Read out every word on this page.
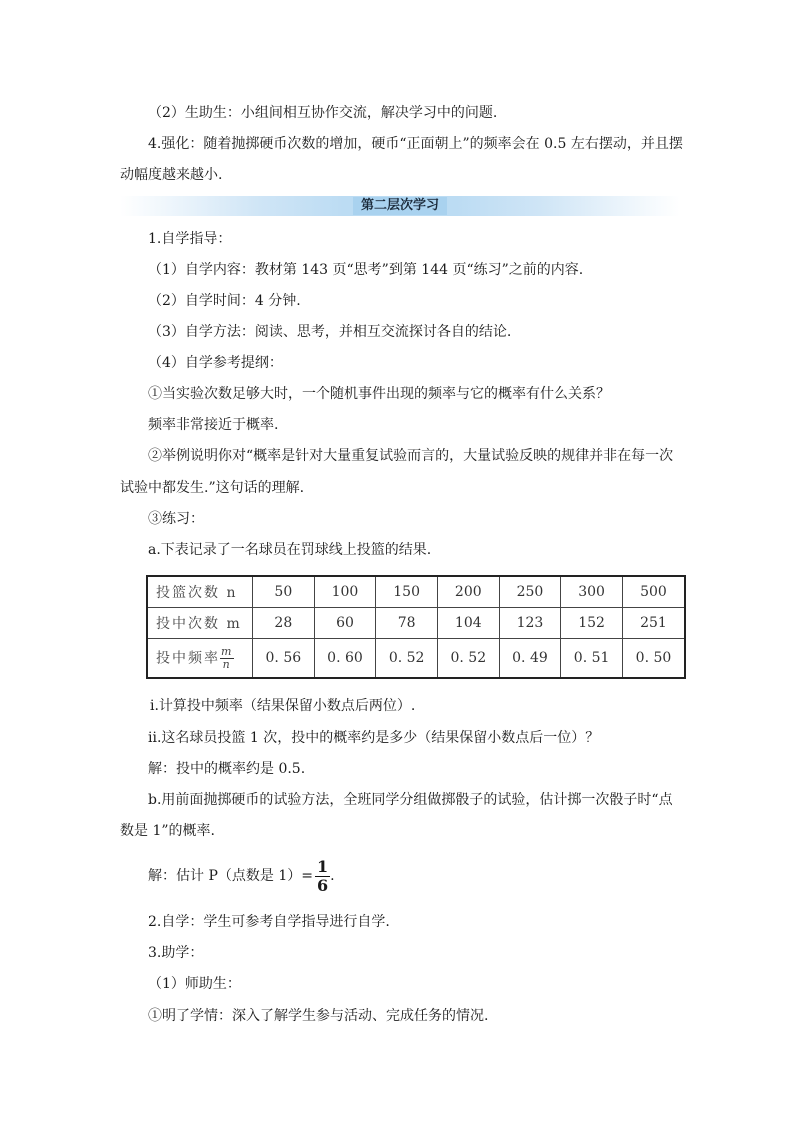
（2）生助生：小组间相互协作交流，解决学习中的问题.
4.强化：随着抛掷硬币次数的增加，硬币“正面朝上”的频率会在 0.5 左右摆动，并且摆
动幅度越来越小.
第二层次学习
1.自学指导：
（1）自学内容：教材第 143 页“思考”到第 144 页“练习”之前的内容.
（2）自学时间：4 分钟.
（3）自学方法：阅读、思考，并相互交流探讨各自的结论.
（4）自学参考提纲：
①当实验次数足够大时，一个随机事件出现的频率与它的概率有什么关系？
频率非常接近于概率.
②举例说明你对“概率是针对大量重复试验而言的，大量试验反映的规律并非在每一次
试验中都发生.”这句话的理解.
③练习：
a.下表记录了一名球员在罚球线上投篮的结果.
投篮次数 n	50	100	150	200	250	300	500
投中次数 m	28	60	78	104	123	152	251
投中频率 $\frac{m}{n}$	0. 56	0. 60	0. 52	0. 52	0. 49	0. 51	0. 50
ⅰ.计算投中频率（结果保留小数点后两位）.
ⅱ.这名球员投篮 1 次，投中的概率约是多少（结果保留小数点后一位）？
解：投中的概率约是 0.5.
b.用前面抛掷硬币的试验方法，全班同学分组做掷骰子的试验，估计掷一次骰子时“点
数是 1”的概率.
解：估计 P（点数是 $1)= \frac{1}{6}$ .
2.自学：学生可参考自学指导进行自学.
3.助学：
（1）师助生：
①明了学情：深入了解学生参与活动、完成任务的情况.
